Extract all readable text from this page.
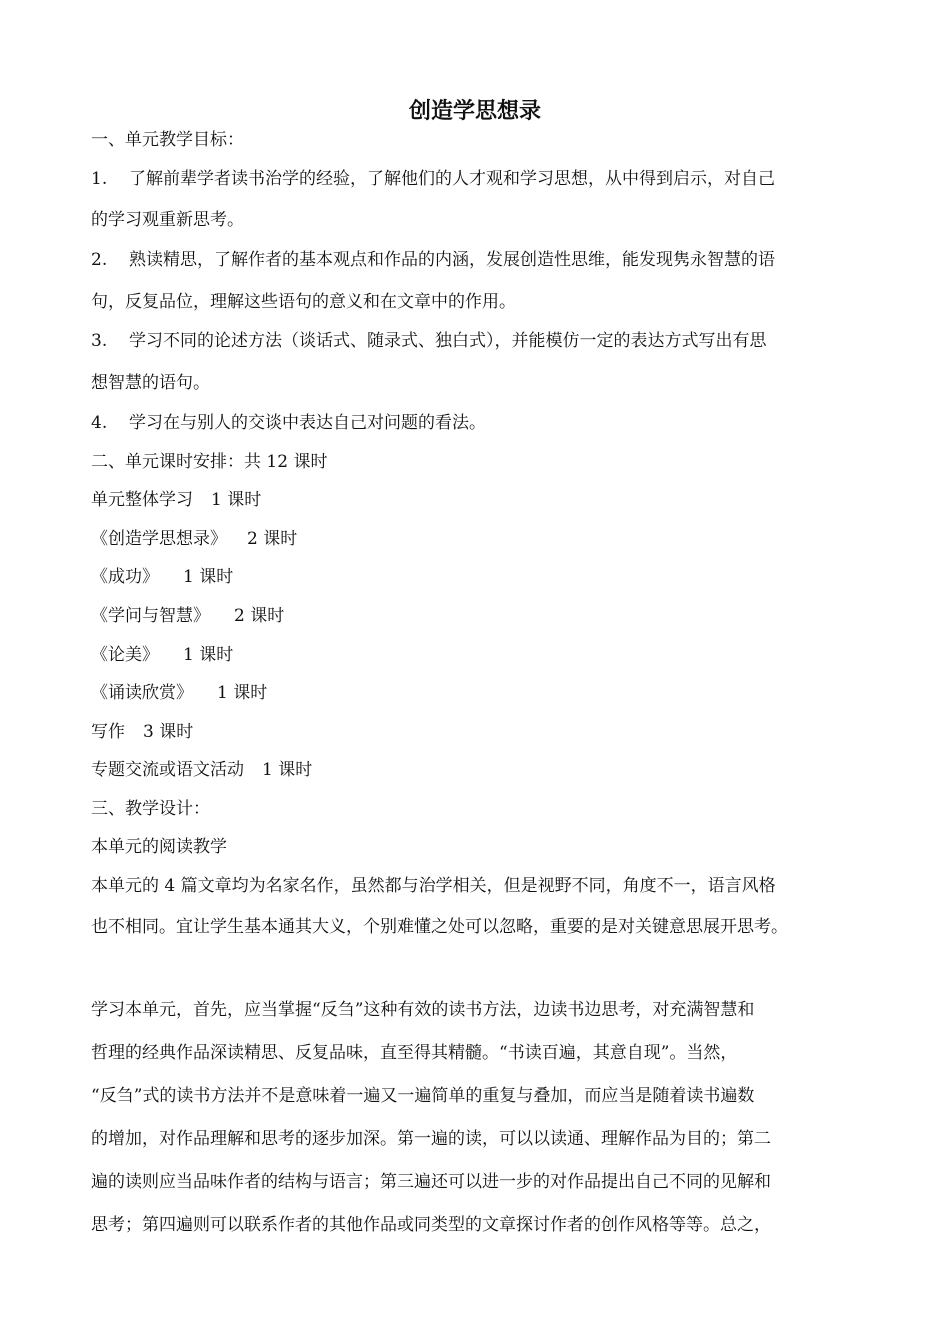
创造学思想录
一、单元教学目标：
1. 了解前辈学者读书治学的经验，了解他们的人才观和学习思想，从中得到启示，对自己
的学习观重新思考。
2. 熟读精思，了解作者的基本观点和作品的内涵，发展创造性思维，能发现隽永智慧的语
句，反复品位，理解这些语句的意义和在文章中的作用。
3. 学习不同的论述方法（谈话式、随录式、独白式），并能模仿一定的表达方式写出有思
想智慧的语句。
4. 学习在与别人的交谈中表达自己对问题的看法。
二、单元课时安排：共 12 课时
单元整体学习 1 课时
《创造学思想录》 2 课时
《成功》 1 课时
《学问与智慧》 2 课时
《论美》 1 课时
《诵读欣赏》 1 课时
写作 3 课时
专题交流或语文活动 1 课时
三、教学设计：
本单元的阅读教学
本单元的 4 篇文章均为名家名作，虽然都与治学相关，但是视野不同，角度不一，语言风格
也不相同。宜让学生基本通其大义，个别难懂之处可以忽略，重要的是对关键意思展开思考。
学习本单元，首先，应当掌握“反刍”这种有效的读书方法，边读书边思考，对充满智慧和
哲理的经典作品深读精思、反复品味，直至得其精髓。“书读百遍，其意自现”。当然，
“反刍”式的读书方法并不是意味着一遍又一遍简单的重复与叠加，而应当是随着读书遍数
的增加，对作品理解和思考的逐步加深。第一遍的读，可以以读通、理解作品为目的；第二
遍的读则应当品味作者的结构与语言；第三遍还可以进一步的对作品提出自己不同的见解和
思考；第四遍则可以联系作者的其他作品或同类型的文章探讨作者的创作风格等等。总之，
